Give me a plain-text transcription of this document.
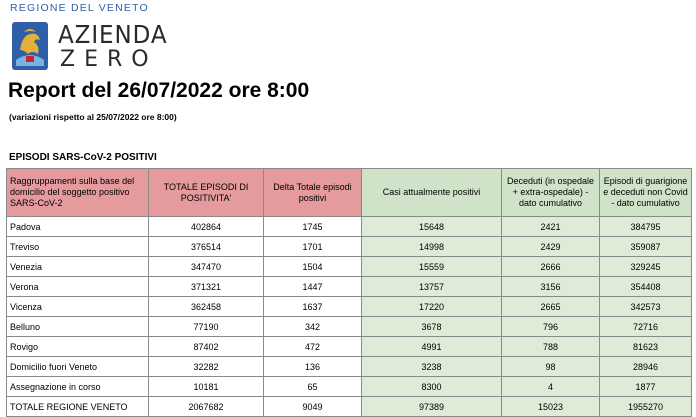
REGIONE DEL VENETO
AZIENDA
ZERO
Report del 26/07/2022 ore 8:00
(variazioni rispetto al 25/07/2022 ore 8:00)
EPISODI SARS-CoV-2 POSITIVI
Raggruppamenti sulla base del domicilio del soggetto positivo SARS-CoV-2	TOTALE EPISODI DI POSITIVITA'	Delta Totale episodi positivi	Casi attualmente positivi	Deceduti (in ospedale + extra-ospedale) -dato cumulativo	Episodi di guarigione e deceduti non Covid - dato cumulativo
Padova	402864	1745	15648	2421	384795
Treviso	376514	1701	14998	2429	359087
Venezia	347470	1504	15559	2666	329245
Verona	371321	1447	13757	3156	354408
Vicenza	362458	1637	17220	2665	342573
Belluno	77190	342	3678	796	72716
Rovigo	87402	472	4991	788	81623
Domicilio fuori Veneto	32282	136	3238	98	28946
Assegnazione in corso	10181	65	8300	4	1877
TOTALE REGIONE VENETO	2067682	9049	97389	15023	1955270
